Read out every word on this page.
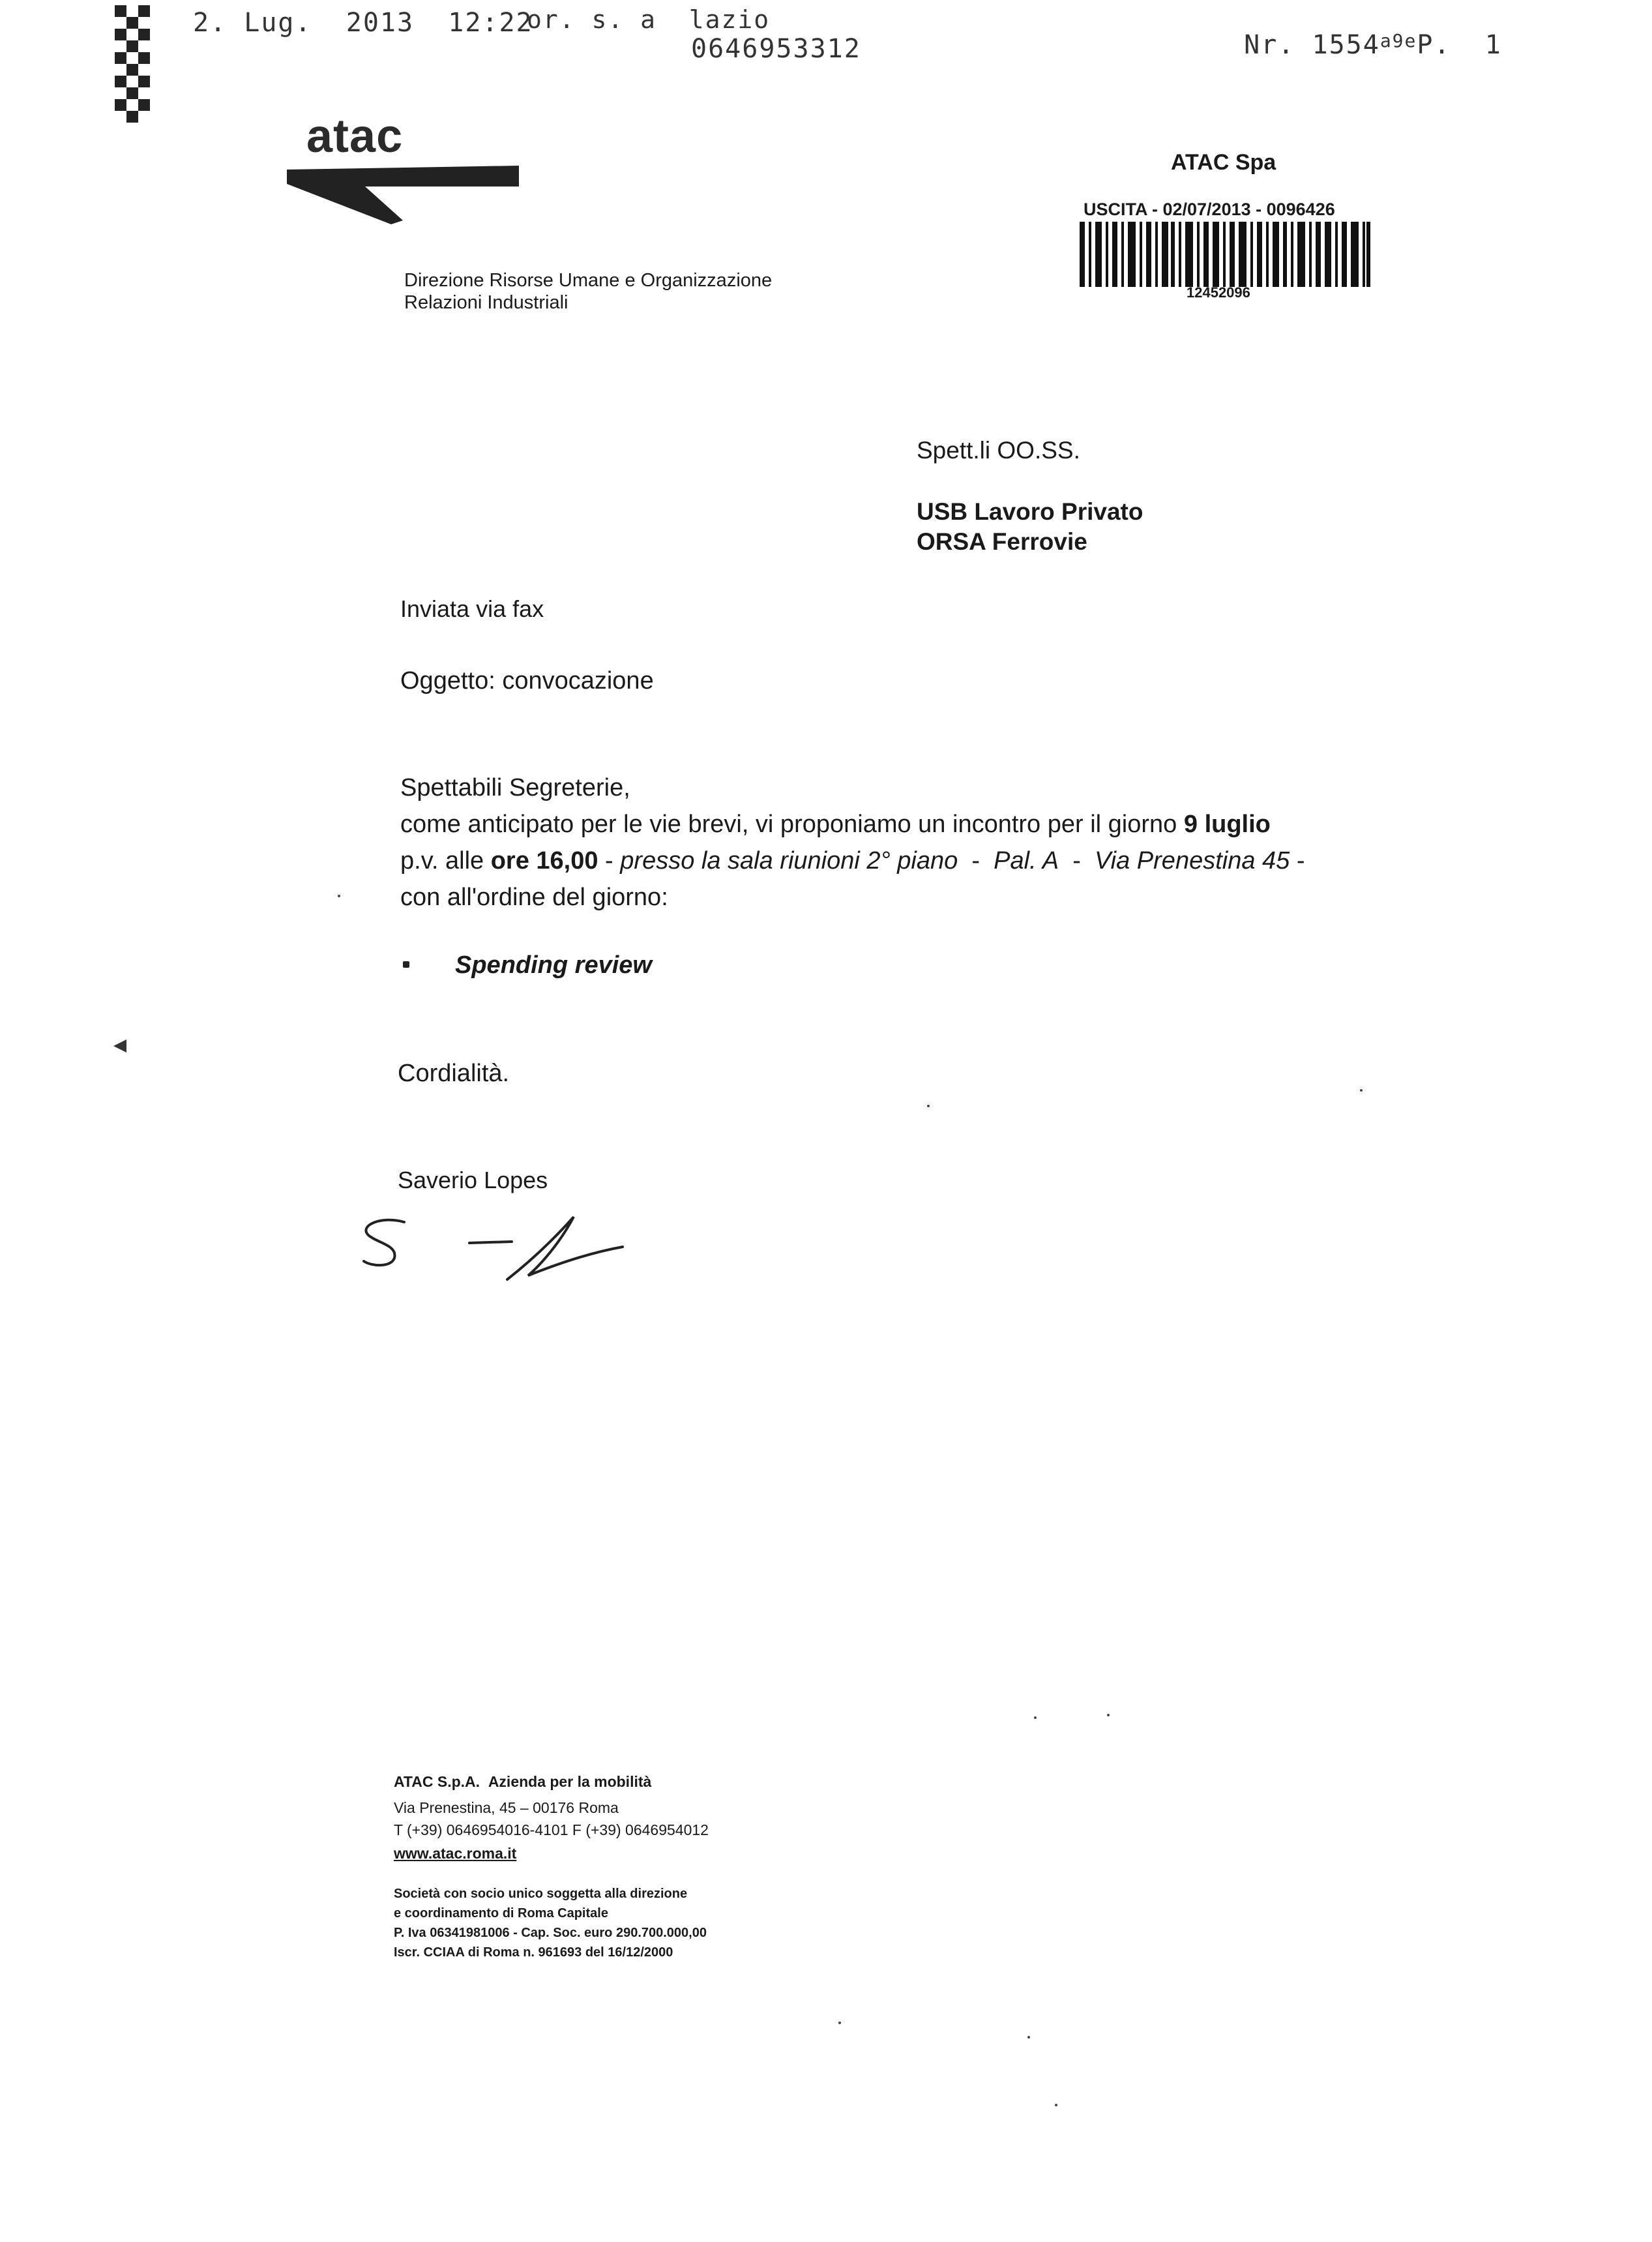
2. Lug.  2013  12:22
or. s. a  lazio
0646953312	Nr. $1554^{a9e}P$.  1

atac
Direzione Risorse Umane e Organizzazione
Relazioni Industriali
ATAC Spa
USCITA - 02/07/2013 - 0096426
12452096
Spett.li OO.SS.
USB Lavoro Privato
ORSA Ferrovie
Inviata via fax
Oggetto: convocazione
Spettabili Segreterie,
come anticipato per le vie brevi, vi proponiamo un incontro per il giorno 9 luglio
p.v. alle ore 16,00 - presso la sala riunioni 2° piano  -  Pal. A  -  Via Prenestina 45 -
con all'ordine del giorno:
Spending review
Cordialità.
Saverio Lopes
ATAC S.p.A. Azienda per la mobilità
Via Prenestina, 45 – 00176 Roma
T (+39) 0646954016-4101 F (+39) 0646954012
www.atac.roma.it
Società con socio unico soggetta alla direzione
e coordinamento di Roma Capitale
P. Iva 06341981006 - Cap. Soc. euro 290.700.000,00
Iscr. CCIAA di Roma n. 961693 del 16/12/2000
